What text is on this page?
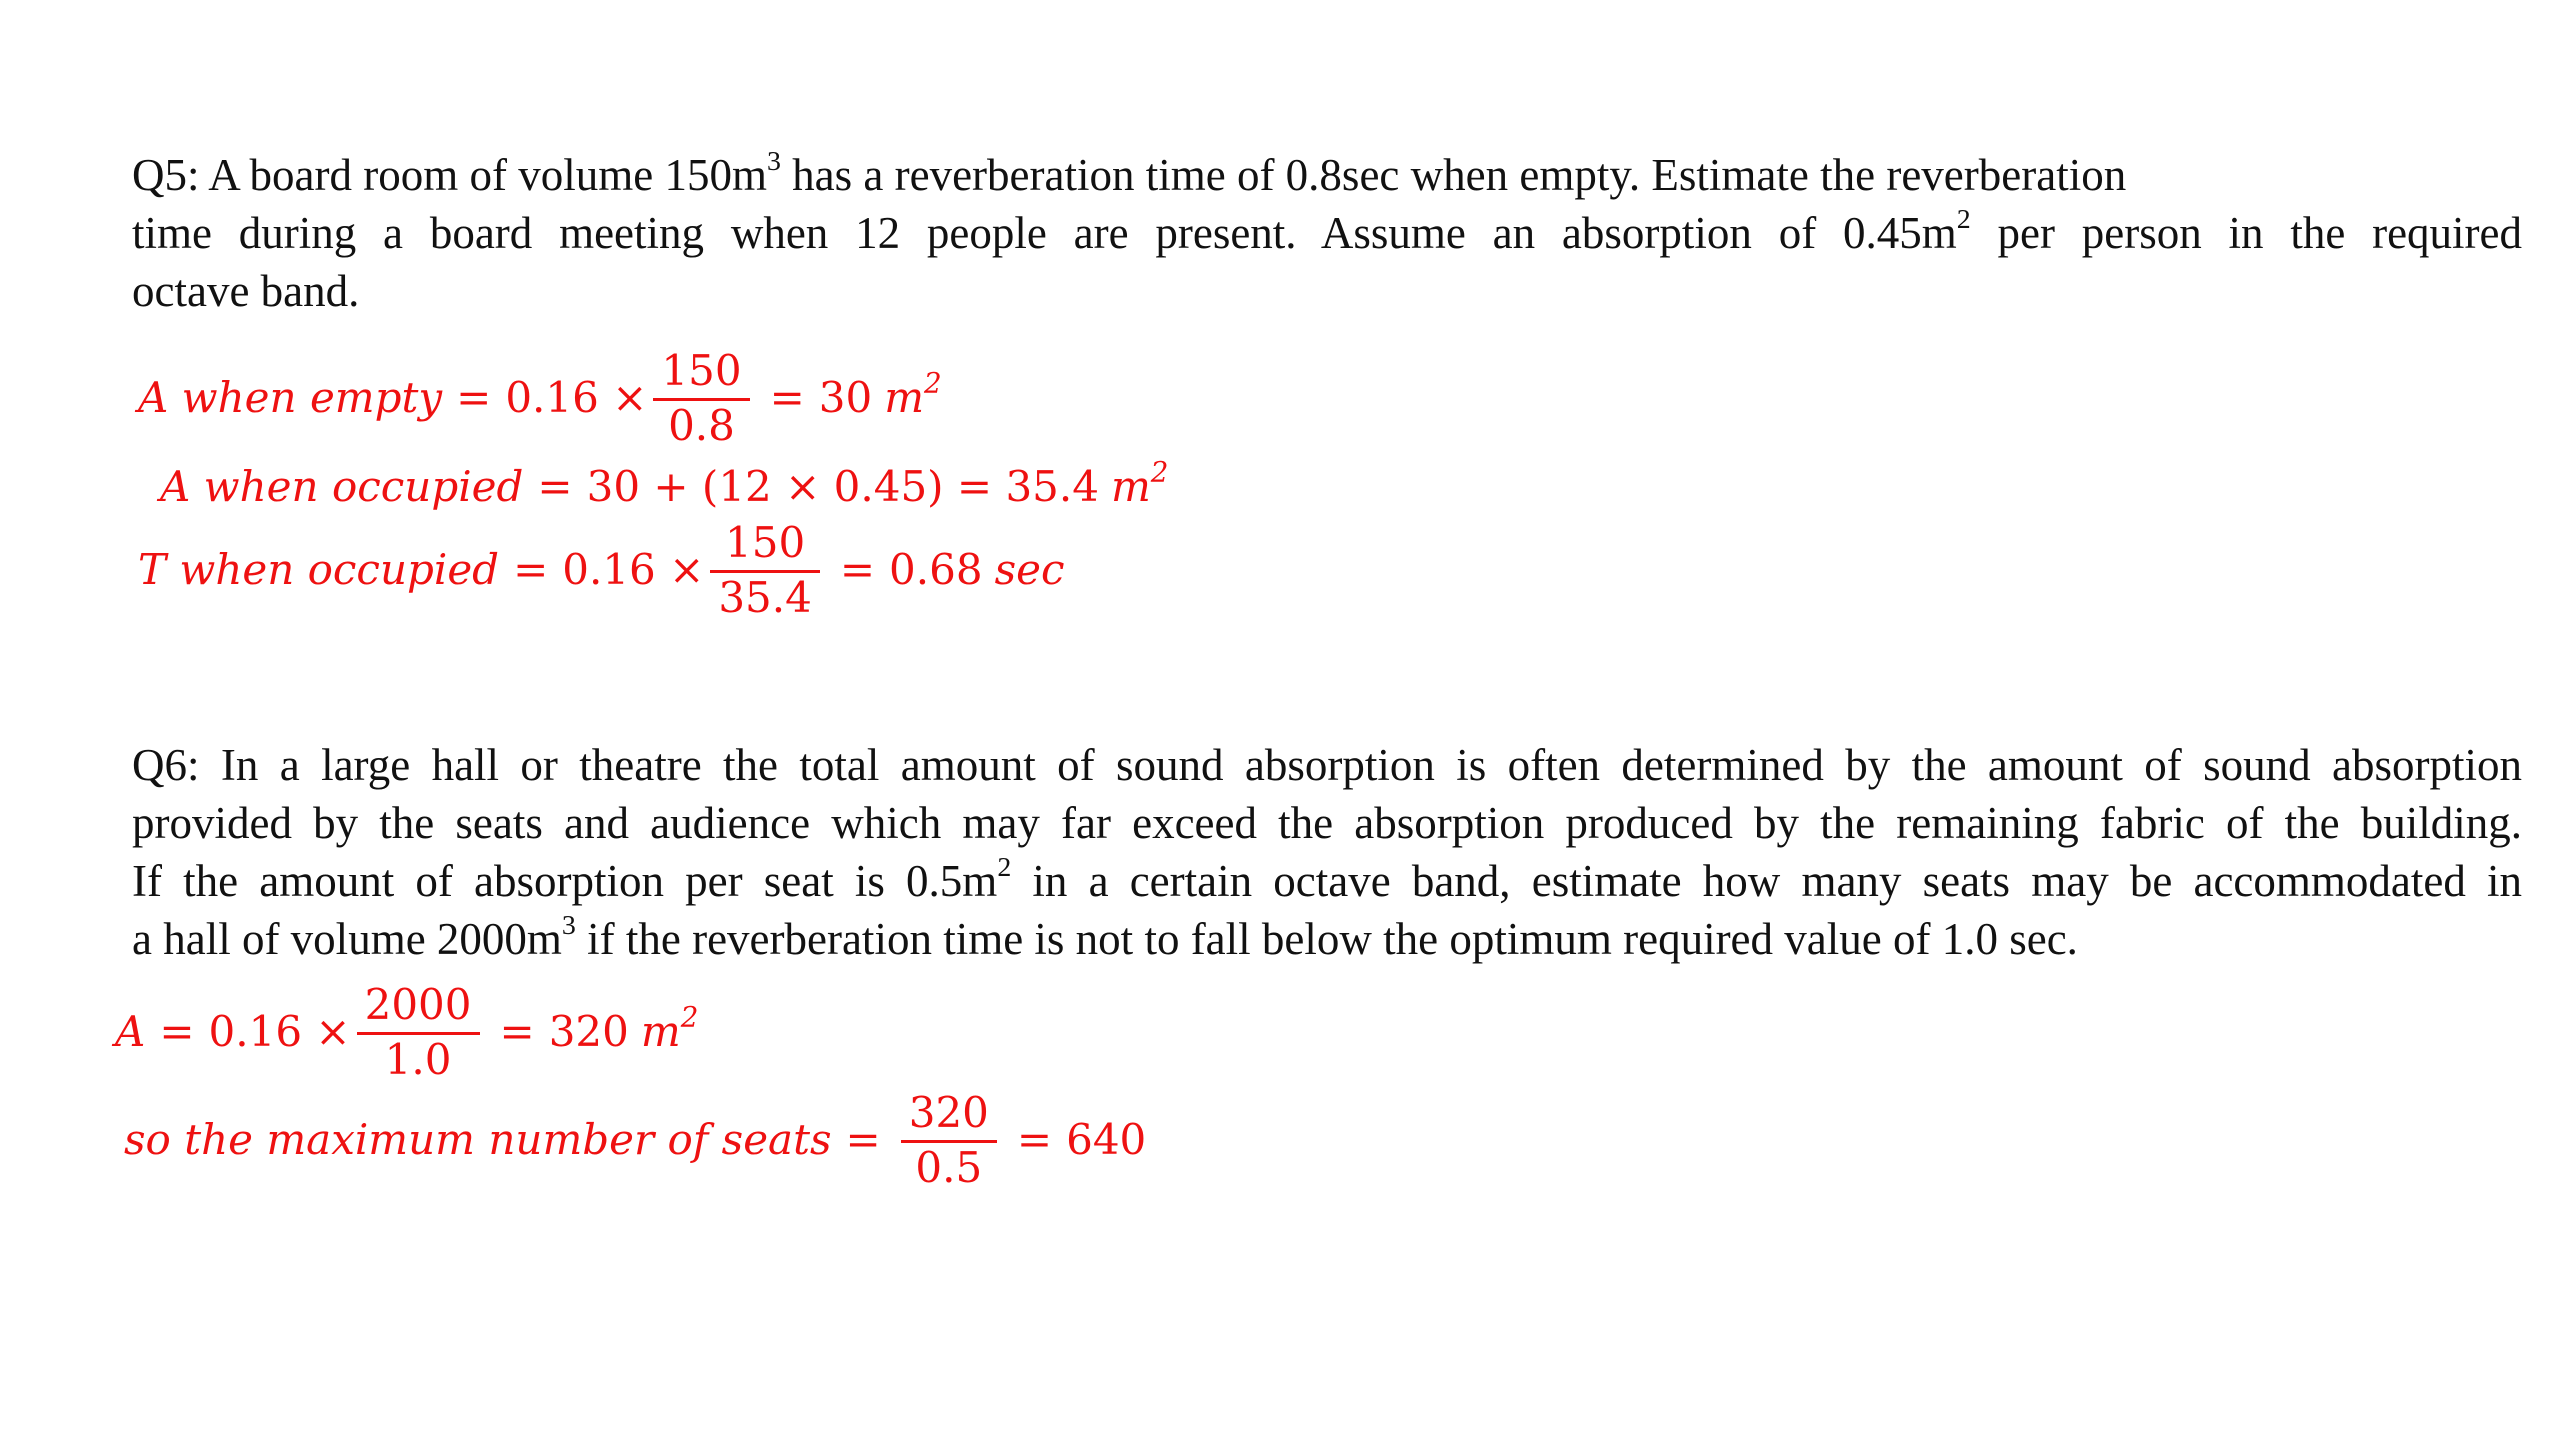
Q5: A board room of volume $150m^3$ has a reverberation time of 0.8sec when empty. Estimate the reverberation

time during a board meeting when 12 people are present. Assume an absorption of $0.45m^2$ per person in the required

octave band.

A when empty = $0.16 \times \frac{150}{0.8} = 30$ $m^2$
A when occupied = 30 + (12 × 0.45) = 35.4 $m^2$
T when occupied = $0.16 \times \frac{150}{35.4} = 0.68$ sec

Q6: In a large hall or theatre the total amount of sound absorption is often determined by the amount of sound absorption

provided by the seats and audience which may far exceed the absorption produced by the remaining fabric of the building.

If the amount of absorption per seat is $0.5m^2$ in a certain octave band, estimate how many seats may be accommodated in

a hall of volume $2000m^3$ if the reverberation time is not to fall below the optimum required value of 1.0 sec.

$A = 0.16 \times \frac{2000}{1.0} = 320$ $m^2$
so the maximum number of seats = $\frac{320}{0.5} = 640$
